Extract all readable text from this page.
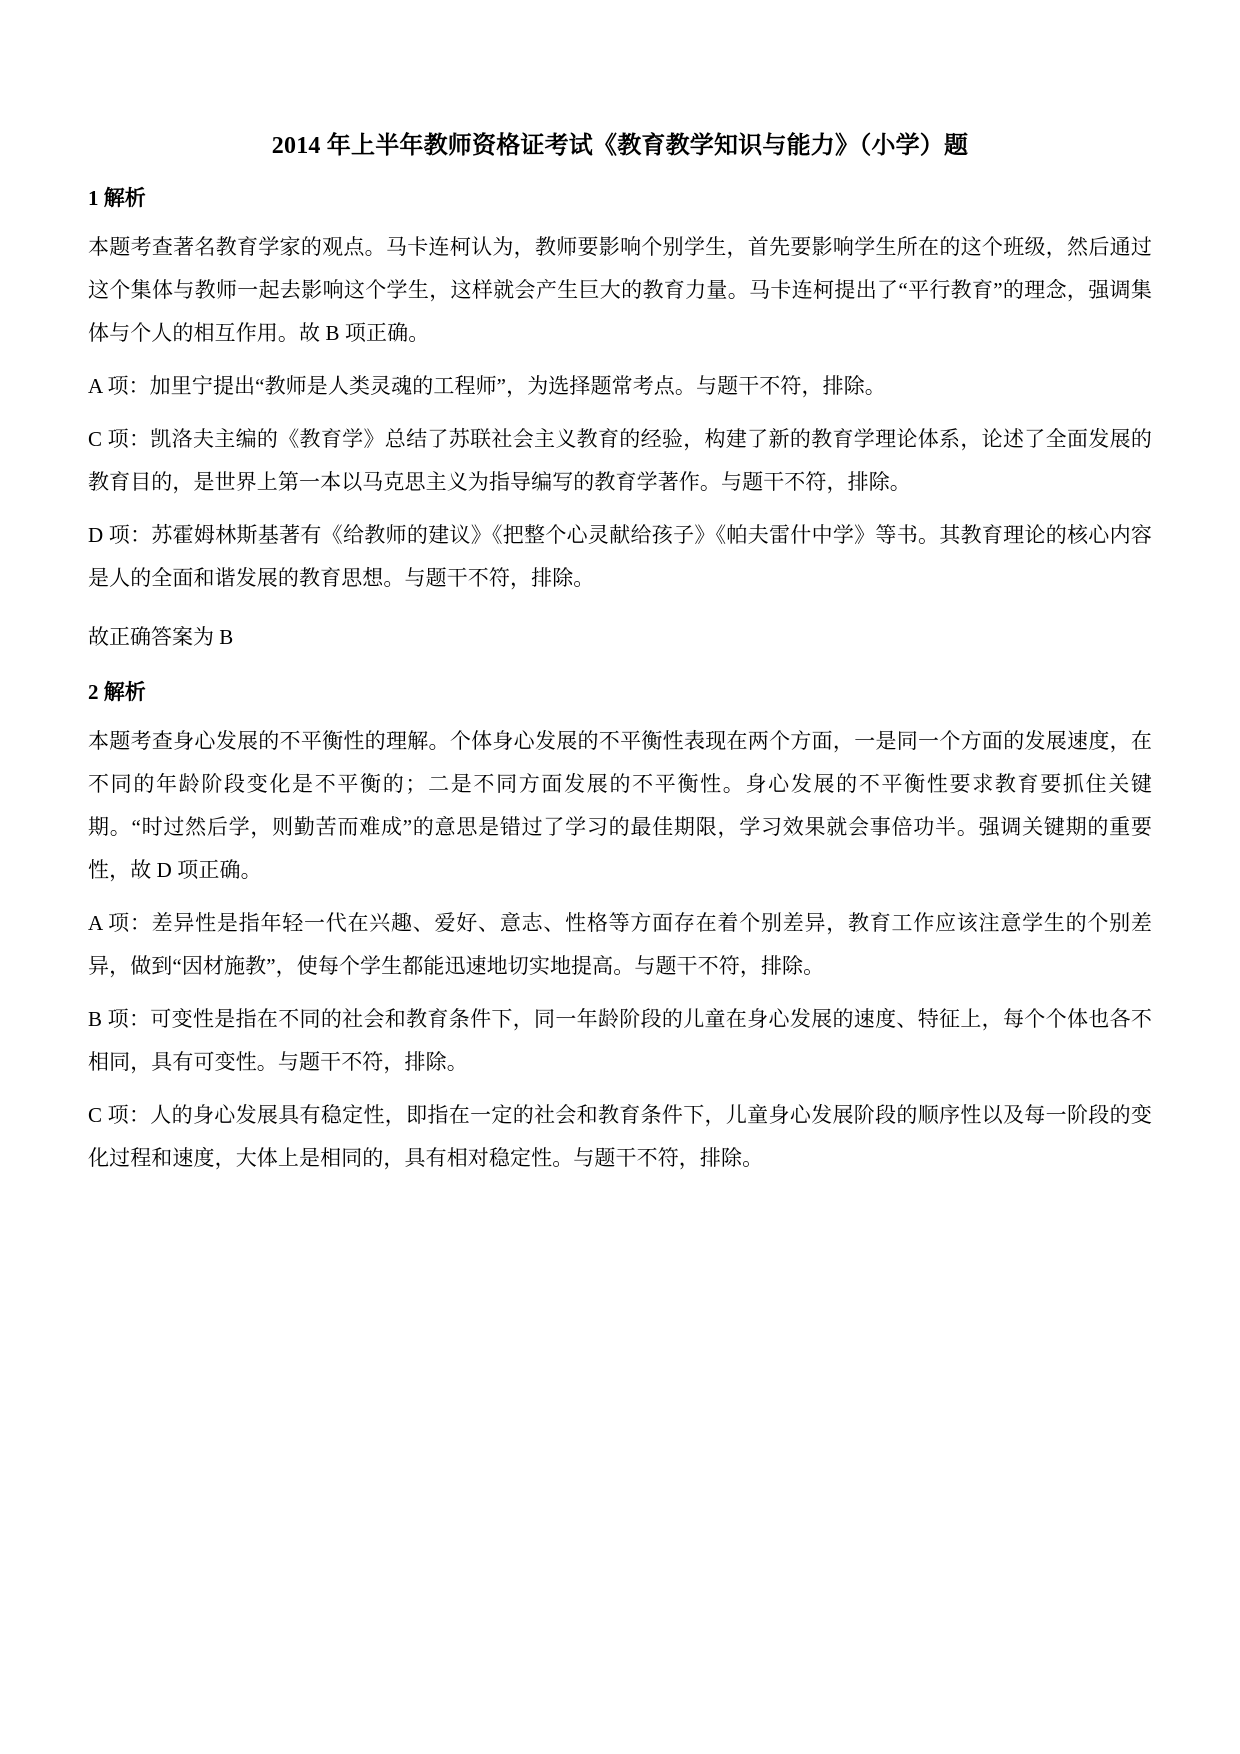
2014 年上半年教师资格证考试《教育教学知识与能力》（小学）题
1 解析

本题考查著名教育学家的观点。马卡连柯认为，教师要影响个别学生，首先要影响学生所在的这个班级，然后通过这个集体与教师一起去影响这个学生，这样就会产生巨大的教育力量。马卡连柯提出了“平行教育”的理念，强调集体与个人的相互作用。故 B 项正确。

A 项：加里宁提出“教师是人类灵魂的工程师”，为选择题常考点。与题干不符，排除。

C 项：凯洛夫主编的《教育学》总结了苏联社会主义教育的经验，构建了新的教育学理论体系，论述了全面发展的教育目的，是世界上第一本以马克思主义为指导编写的教育学著作。与题干不符，排除。

D 项：苏霍姆林斯基著有《给教师的建议》《把整个心灵献给孩子》《帕夫雷什中学》等书。其教育理论的核心内容是人的全面和谐发展的教育思想。与题干不符，排除。

故正确答案为 B
2 解析

本题考查身心发展的不平衡性的理解。个体身心发展的不平衡性表现在两个方面，一是同一个方面的发展速度，在不同的年龄阶段变化是不平衡的；二是不同方面发展的不平衡性。身心发展的不平衡性要求教育要抓住关键期。“时过然后学，则勤苦而难成”的意思是错过了学习的最佳期限，学习效果就会事倍功半。强调关键期的重要性，故 D 项正确。

A 项：差异性是指年轻一代在兴趣、爱好、意志、性格等方面存在着个别差异，教育工作应该注意学生的个别差异，做到“因材施教”，使每个学生都能迅速地切实地提高。与题干不符，排除。

B 项：可变性是指在不同的社会和教育条件下，同一年龄阶段的儿童在身心发展的速度、特征上，每个个体也各不相同，具有可变性。与题干不符，排除。

C 项：人的身心发展具有稳定性，即指在一定的社会和教育条件下，儿童身心发展阶段的顺序性以及每一阶段的变化过程和速度，大体上是相同的，具有相对稳定性。与题干不符，排除。
